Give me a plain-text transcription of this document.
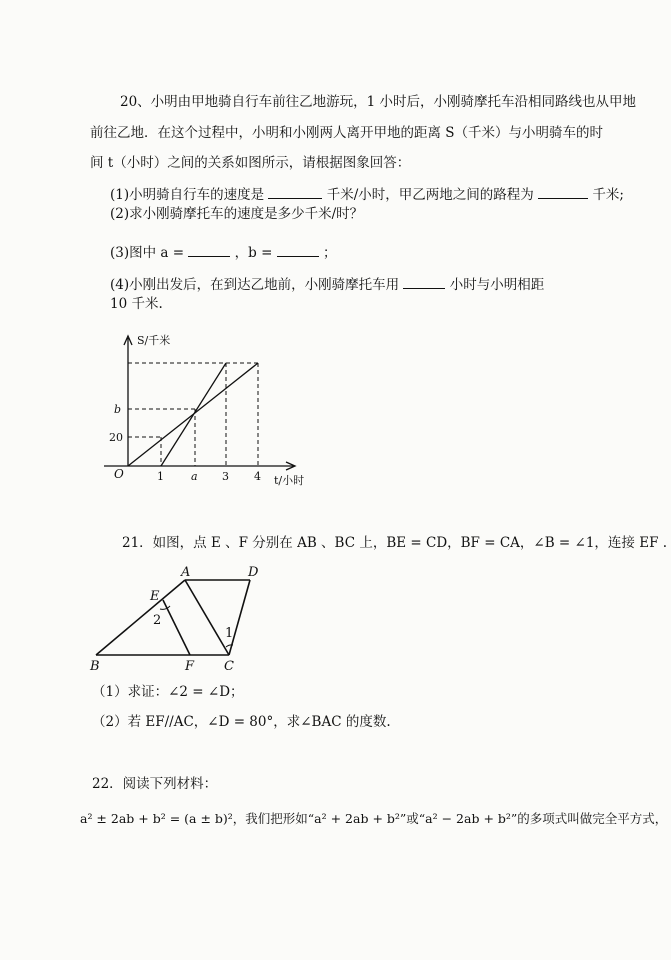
20、小明由甲地骑自行车前往乙地游玩，1 小时后，小刚骑摩托车沿相同路线也从甲地
前往乙地．在这个过程中，小明和小刚两人离开甲地的距离 S（千米）与小明骑车的时
间 t（小时）之间的关系如图所示，请根据图象回答：
(1)小明骑自行车的速度是	千米/小时，甲乙两地之间的路程为	千米;
(2)求小刚骑摩托车的速度是多少千米/时？
(3)图中 a =	，b =	；
(4)小刚出发后，在到达乙地前，小刚骑摩托车用	小时与小明相距
10 千米.
S/千米
t/小时
O
b
20
1 a 3 4
21．如图，点 E 、F 分别在 AB 、BC 上，BE = CD，BF = CA，∠B = ∠1，连接 EF .
A	D
E
2
1
B	F C
（1）求证：∠2 = ∠D；
（2）若 EF//AC，∠D = 80°，求∠BAC 的度数.
22．阅读下列材料：
a² ± 2ab + b² = (a ± b)²，我们把形如“a² + 2ab + b²”或“a² − 2ab + b²”的多项式叫做完全平方式，
